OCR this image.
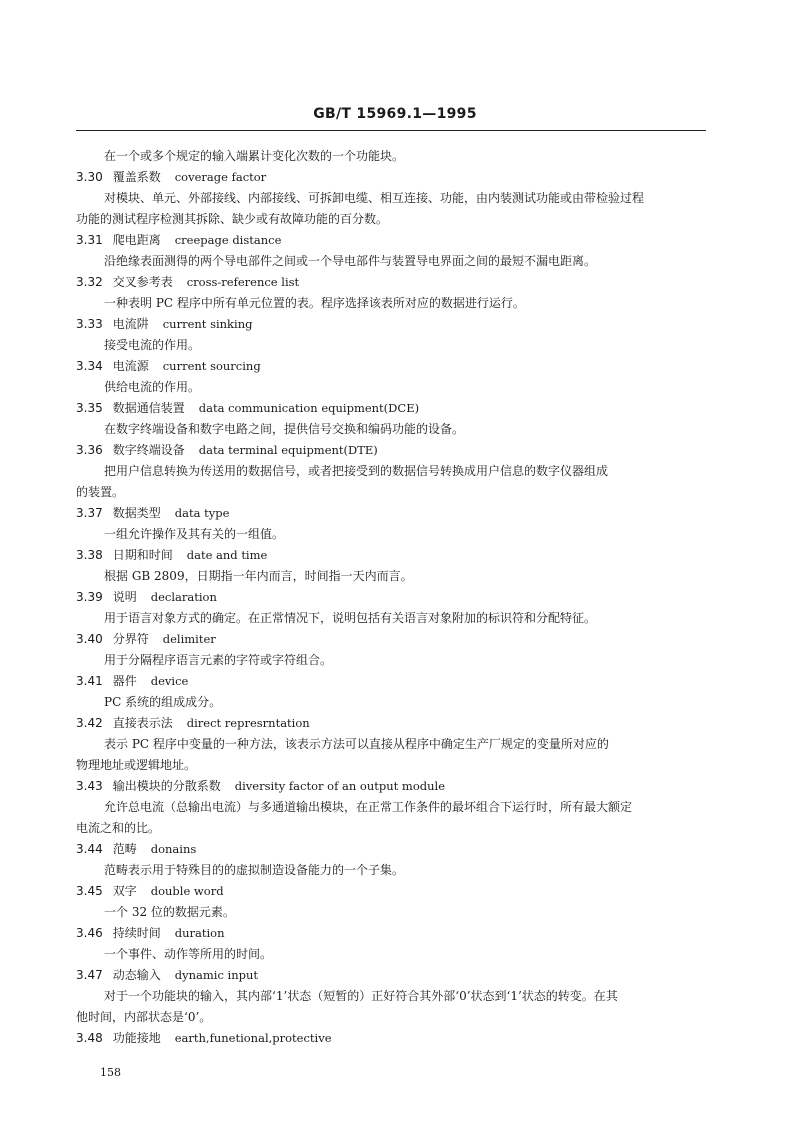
GB/T 15969.1—1995
在一个或多个规定的输入端累计变化次数的一个功能块。
3.30 覆盖系数 coverage factor
对模块、单元、外部接线、内部接线、可拆卸电缆、相互连接、功能，由内装测试功能或由带检验过程
功能的测试程序检测其拆除、缺少或有故障功能的百分数。
3.31 爬电距离 creepage distance
沿绝缘表面测得的两个导电部件之间或一个导电部件与装置导电界面之间的最短不漏电距离。
3.32 交叉参考表 cross-reference list
一种表明 PC 程序中所有单元位置的表。程序选择该表所对应的数据进行运行。
3.33 电流阱 current sinking
接受电流的作用。
3.34 电流源 current sourcing
供给电流的作用。
3.35 数据通信装置 data communication equipment(DCE)
在数字终端设备和数字电路之间，提供信号交换和编码功能的设备。
3.36 数字终端设备 data terminal equipment(DTE)
把用户信息转换为传送用的数据信号，或者把接受到的数据信号转换成用户信息的数字仪器组成
的装置。
3.37 数据类型 data type
一组允许操作及其有关的一组值。
3.38 日期和时间 date and time
根据 GB 2809，日期指一年内而言，时间指一天内而言。
3.39 说明 declaration
用于语言对象方式的确定。在正常情况下，说明包括有关语言对象附加的标识符和分配特征。
3.40 分界符 delimiter
用于分隔程序语言元素的字符或字符组合。
3.41 器件 device
PC 系统的组成成分。
3.42 直接表示法 direct represrntation
表示 PC 程序中变量的一种方法，该表示方法可以直接从程序中确定生产厂规定的变量所对应的
物理地址或逻辑地址。
3.43 输出模块的分散系数 diversity factor of an output module
允许总电流（总输出电流）与多通道输出模块，在正常工作条件的最坏组合下运行时，所有最大额定
电流之和的比。
3.44 范畴 donains
范畴表示用于特殊目的的虚拟制造设备能力的一个子集。
3.45 双字 double word
一个 32 位的数据元素。
3.46 持续时间 duration
一个事件、动作等所用的时间。
3.47 动态输入 dynamic input
对于一个功能块的输入，其内部‘1’状态（短暂的）正好符合其外部‘0’状态到‘1’状态的转变。在其
他时间，内部状态是‘0’。
3.48 功能接地 earth,funetional,protective
158
